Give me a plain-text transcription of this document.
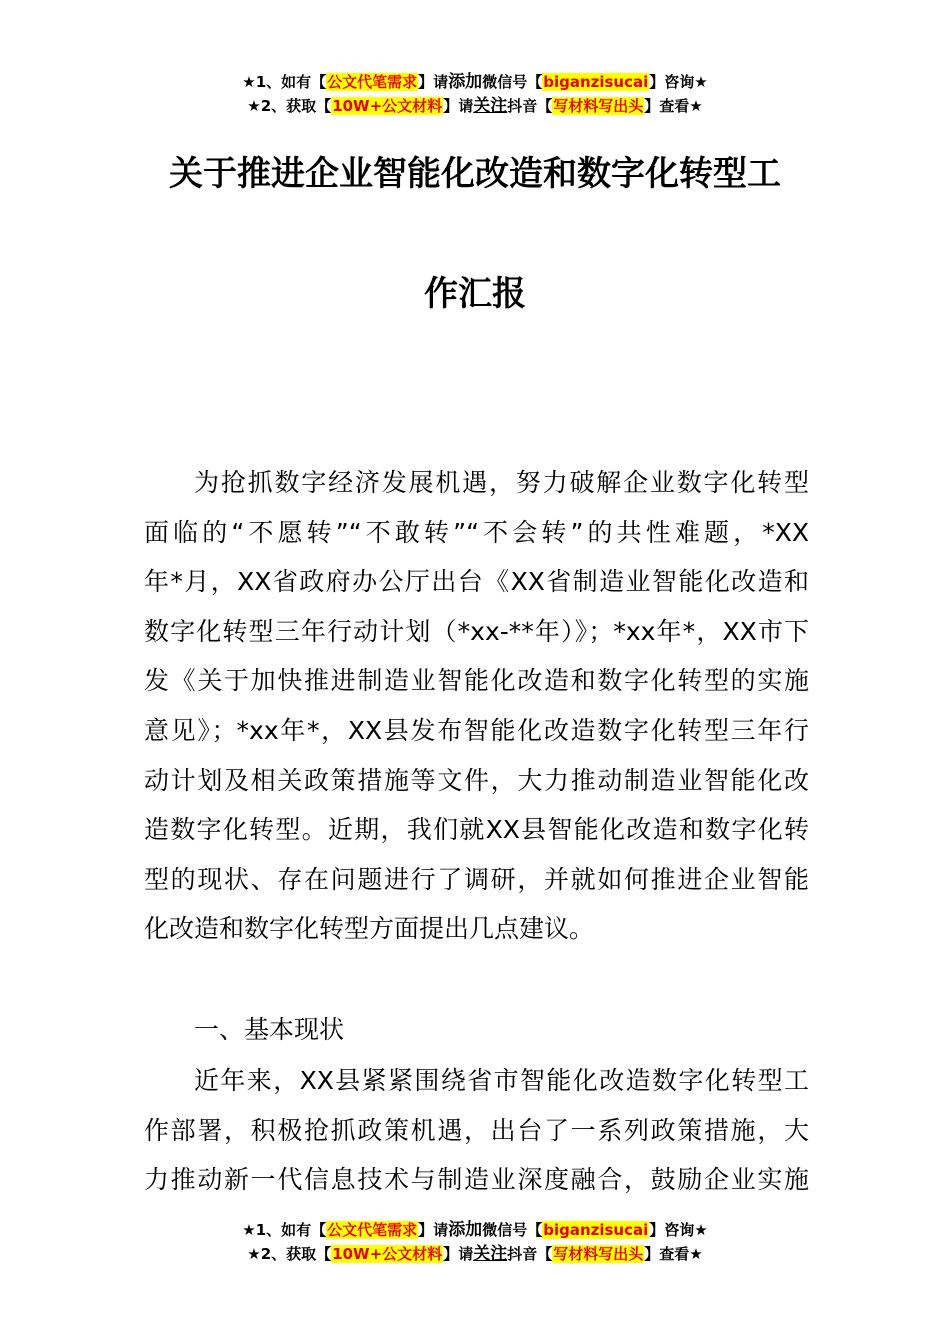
★1、如有【公文代笔需求】请添加微信号【biganzisucai】咨询★
★2、获取【10W+公文材料】请关注抖音【写材料写出头】查看★
关于推进企业智能化改造和数字化转型工
作汇报
为抢抓数字经济发展机遇，努力破解企业数字化转型
面临的“不愿转”“不敢转”“不会转”的共性难题，*XX
年*月，XX省政府办公厅出台《XX省制造业智能化改造和
数字化转型三年行动计划（*xx-**年）》；*xx年*，XX市下
发《关于加快推进制造业智能化改造和数字化转型的实施
意见》；*xx年*，XX县发布智能化改造数字化转型三年行
动计划及相关政策措施等文件，大力推动制造业智能化改
造数字化转型。近期，我们就XX县智能化改造和数字化转
型的现状、存在问题进行了调研，并就如何推进企业智能
化改造和数字化转型方面提出几点建议。
一、基本现状
近年来，XX县紧紧围绕省市智能化改造数字化转型工
作部署，积极抢抓政策机遇，出台了一系列政策措施，大
力推动新一代信息技术与制造业深度融合，鼓励企业实施
★1、如有【公文代笔需求】请添加微信号【biganzisucai】咨询★
★2、获取【10W+公文材料】请关注抖音【写材料写出头】查看★
